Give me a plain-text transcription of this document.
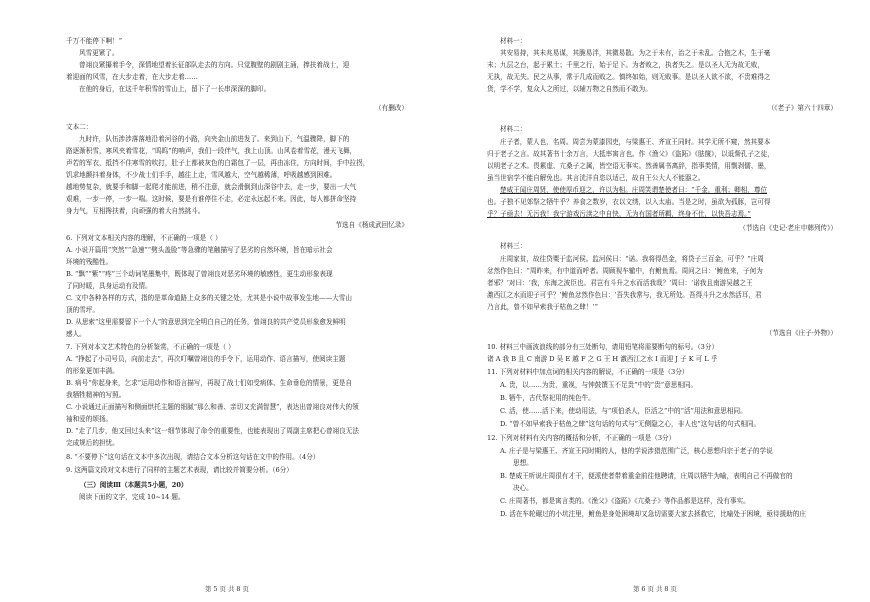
千万不能停下啊！”
风雪更紧了。
曾翊良紧攥着手令，深情地望着长征部队走去的方向。只觉腹壁的剧剧主涌，捧扶着战士，迎
着迎面的风雪，在大步走着，在大步走着……
在他的身后，在这千年积雪的雪山上，留下了一长串深深的脚印。
（有删改）
文本二：
九时许，队伍涉涉落落地沿着河谷的小路，向夹金山前进发了。来到山下，气温骤降，脚下的
路逐渐积雪，寒风夹着雪花，“呜呜”的响声，我们一段伴气，我上山顶。山风卷着雪花，漫天飞舞，
声若的军衣，抵挡不住寒雪的吹打，肚子上都被灰色的白霜包了一层，再由冻住，方向时间，手中拉拐，
饥求地颤抖着身体，不少战士们手手，越往上走，雪风越大，空气越稀薄，呼吸越感到困难。
越地势复杂，就要手和脚一起爬才能前进，稍不注意，就会滑倒到山深谷中去，走一步，要出一大气
艰难，一步一停，一步一喘。这时候，要是有谁停住不走，必定永远起不来。因此，每人都拼命坚持
身力气，互相搀扶着，向顽强的着大自然挑斗。
节选自《杨成武回忆录》
6. 下列对文本相关内容的理解，不正确的一项是（ ）
A. 小说开篇用“突然”“急速”“劈头盖脸”等急骤的笔触描写了恶劣的自然环境，旨在暗示社会
环境的残酷性。
B. “飘”“紫”“疼”三个动词笔墨集中，既体现了曾翊良对恶劣环境的敏感性，更生动形象表现
了同时暖，具身运动有及情。
C. 文中各种各样的方式，指的是革命道路上众多的关键之处，尤其是小说中故事发生地——大雪山
顶的雪坪。
D. 从思索“这里需要留下一个人”的意思到完全明白自己的任务，曾翊良的共产党员形象愈发鲜明
感人。
7. 下列对本文艺术特色的分析鉴赏，不正确的一项是（ ）
A. “挣起了小司号员，向前走去”，再次叮嘱曾翊良的手令下，运用动作、语言描写，使阅读主题
的形象更加丰满。
B. 病号“你起身来，乞求”运用动作和语言描写，再现了战士们如受病体、生命垂危的情景，更是自
我牺牲精神的写照。
C. 小说通过正面描写和侧面烘托主题的细腻“那么和善、亲切又充满智慧”，表达出曾翊良对伟大的领
袖和爱的颂扬。
D. “走了几步，他又回过头来”这一细节体现了命令的重要性，也能表现出了周副主席把心曾翊良无法
完成规后的担忧。
8. “不要停下”这句话在文本中多次出现，请结合文本分析这句话在文中的作用。（4分）
9. 这两篇文段对文本进行了同样的主题艺术表现，请比较并简要分析。（6分）
（三）阅读Ⅲ（本题共5小题，20）
阅读下面的文字，完成 10~14 题。
材料一：
其安易持，其未兆易谋，其脆易泮，其微易散。为之于未有，治之于未乱。合抱之木，生于毫
末；九层之台，起于累土；千里之行，始于足下。为者败之，执者失之。是以圣人无为故无败，
无执，故无失。民之从事，常于几成而败之。慎终如始，则无败事。是以圣人欲不欲，不贵难得之
货，学不学，复众人之所过，以辅万物之自然而不敢为。
（《老子》第六十四章）
材料二：
庄子者，蒙人也，名周。周尝为蒙漆园吏，与梁惠王、齐宣王同时。其学无所不窥，然其要本
归于老子之言。故其著书十余万言，大抵率寓言也。作《渔父》《盗跖》《胠箧》，以诋訾孔子之徒，
以明老子之术。畏累虚、亢桑子之属，皆空语无事实。然善属书离辞，指事类情，用剽剥儒、墨，
虽当世宿学不能自解免也。其言洸洋自恣以适己，故自王公大人不能器之。
楚威王闻庄周贤，使使厚币迎之，许以为相。庄周笑谓楚使者曰：“千金，重利；卿相，尊位
也。子独不见郊祭之牺牛乎？养食之数岁，衣以文绣，以入太庙。当是之时，虽欲为孤豚，岂可得
乎？子亟去！无污我！我宁游戏污渎之中自快，无为有国者所羁，终身不仕，以快吾志焉。”
（节选自《史记·老庄申韩列传》）
材料三：
庄周家贫，故往贷粟于监河侯。监河侯曰：“诺。我将得邑金，将贷子三百金，可乎？”庄周
忿然作色曰：“周昨来，有中道而呼者。周顾视车辙中，有鲋鱼焉。周问之曰：‘鲋鱼来，子何为
者邪？’对曰：‘我，东海之波臣也。君岂有斗升之水而活我哉？’周曰：‘诺我且南游吴越之王
激西江之水而迎子可乎？’鲋鱼忿然作色曰：‘吾失我常与，我无所处。吾得斗升之水然活耳，君
乃言此，曾不如早索我于枯鱼之肆！’”
（节选自《庄子·外物》）
10. 材料三中画波浪线的部分有三处断句，请用铅笔将需要断句的标号。（3分）
诸 A 我 B 且 C 南游 D 吴 E 越 F 之 G 王 H 激西江之水 I 而迎 J 子 K 可 L 乎
11. 下列对材料中加点词的相关内容的解说，不正确的一项是（3分）
A. 贵，以……为贵，重视，与钟鼓馔玉不足贵”中的“贵”意思相同。
B. 牺牛，古代祭祀用的纯色牛。
C. 活，使……活下来，使动用法，与“项伯杀人，臣活之”中的“活”用法和意思相同。
D. “曾不如早索我于枯鱼之肆”这句话的句式与“无侧隐之心，非人也”这句话的句式相同。
12. 下列对材料有关内容的概括和分析，不正确的一项是（3分）
A. 庄子是与梁惠王、齐宣王同时期的人，他的学说涉猎范围广泛，核心思想归宗于老子的学说
思想。
B. 楚威王听说庄周很有才干，便派使者带着重金前往他聘请，庄周以牺牛为喻，表明自己不再做官的
决心。
C. 庄周著书，都是寓言类的。《渔父》《盗跖》《亢桑子》等作品都是这样，没有事实。
D. 活在车轮碾过的小坑注里，鲋鱼是身处困境却又急切需要大家去拯救它，比喻处于困境，亟待援助的庄
第 5 页 共 8 页	第 6 页 共 8 页
